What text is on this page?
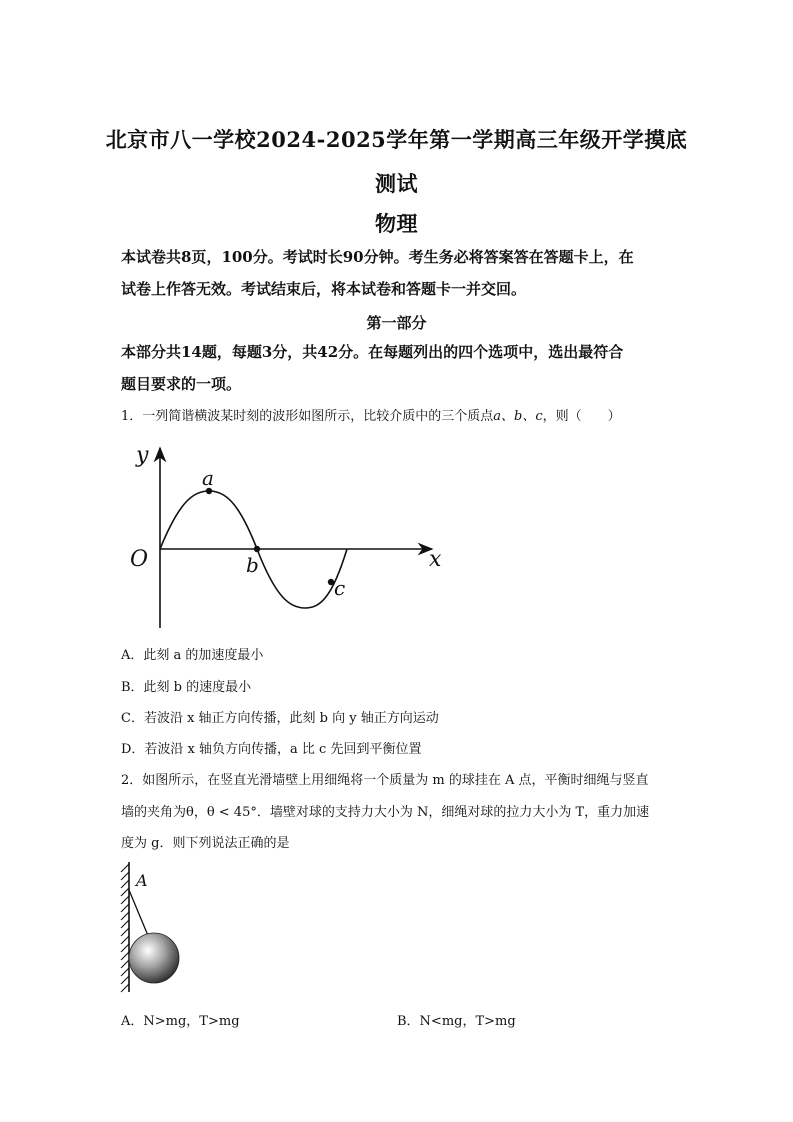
北京市八一学校2024-2025学年第一学期高三年级开学摸底
测试
物理
本试卷共8页，100分。考试时长90分钟。考生务必将答案答在答题卡上，在
试卷上作答无效。考试结束后，将本试卷和答题卡一并交回。
第一部分
本部分共14题，每题3分，共42分。在每题列出的四个选项中，选出最符合
题目要求的一项。
1．一列简谐横波某时刻的波形如图所示，比较介质中的三个质点a、b、c，则（　　）
y
x
O
a
b
c
A．此刻 a 的加速度最小
B．此刻 b 的速度最小
C．若波沿 x 轴正方向传播，此刻 b 向 y 轴正方向运动
D．若波沿 x 轴负方向传播，a 比 c 先回到平衡位置
2．如图所示，在竖直光滑墙壁上用细绳将一个质量为 m 的球挂在 A 点，平衡时细绳与竖直
墙的夹角为θ，θ < 45°．墙壁对球的支持力大小为 N，细绳对球的拉力大小为 T，重力加速
度为 g．则下列说法正确的是
A
A．N>mg，T>mg	B．N<mg，T>mg
